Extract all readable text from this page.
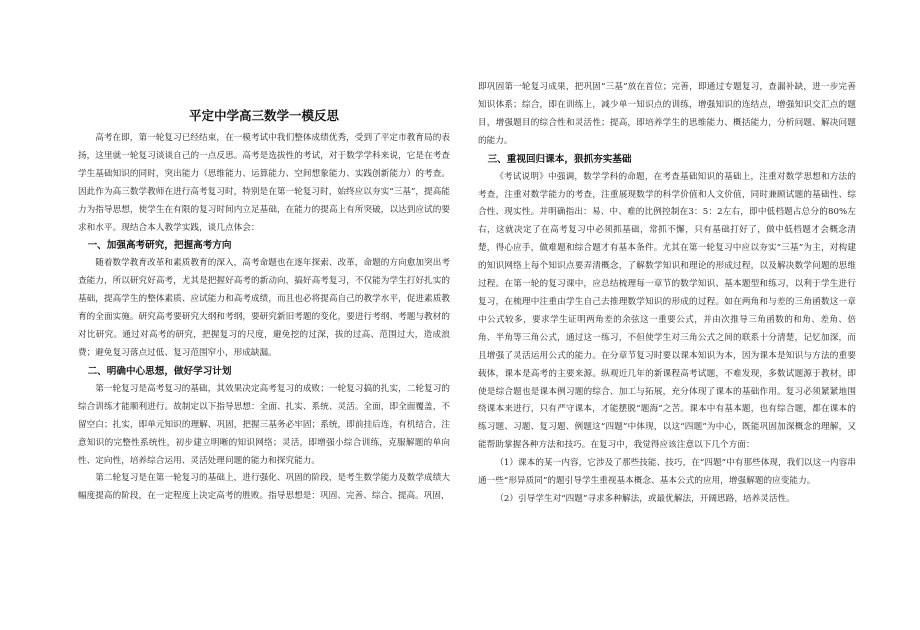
平定中学高三数学一模反思

高考在即，第一轮复习已经结束，在一模考试中我们整体成绩优秀，受到了平定市教育局的表扬，这里就一轮复习谈谈自己的一点反思。高考是选拔性的考试，对于数学学科来说，它是在考查学生基础知识的同时，突出能力（思维能力、运算能力、空间想象能力、实践创新能力）的考查。因此作为高三数学教师在进行高考复习时，特别是在第一轮复习时，始终应以夯实“三基”，提高能力为指导思想，使学生在有限的复习时间内立足基础，在能力的提高上有所突破，以达到应试的要求和水平。现结合本人教学实践，谈几点体会：

一、加强高考研究，把握高考方向

随着数学教育改革和素质教育的深入，高考命题也在逐年探索、改革，命题的方向愈加突出考查能力，所以研究好高考，尤其是把握好高考的新动向，搞好高考复习，不仅能为学生打好扎实的基础，提高学生的整体素质、应试能力和高考成绩，而且也必将提高自己的教学水平，促进素质教育的全面实施。研究高考要研究大纲和考纲，要研究新旧考题的变化，要进行考纲、考题与教材的对比研究。通过对高考的研究，把握复习的尺度，避免挖的过深，拔的过高、范围过大，造成浪费；避免复习落点过低、复习范围窄小，形成缺漏。

二、明确中心思想，做好学习计划

第一轮复习是高考复习的基础，其效果决定高考复习的成败；一轮复习搞的扎实，二轮复习的综合训练才能顺利进行。故制定以下指导思想：全面、扎实、系统、灵活。全面，即全面覆盖，不留空白；扎实，即单元知识的理解、巩固，把握三基务必牢固；系统，即前挂后连，有机结合，注意知识的完整性系统性，初步建立明晰的知识网络；灵活，即增强小综合训练，克服解题的单向性、定向性，培养综合运用、灵活处理问题的能力和探究能力。

第二轮复习是在第一轮复习的基础上，进行强化、巩固的阶段，是考生数学能力及数学成绩大幅度提高的阶段，在一定程度上决定高考的胜败。指导思想是：巩固、完善、综合、提高。巩固，

即巩固第一轮复习成果，把巩固“三基”放在首位；完善，即通过专题复习，查漏补缺，进一步完善知识体系；综合，即在训练上，减少单一知识点的训练，增强知识的连结点，增强知识交汇点的题目，增强题目的综合性和灵活性；提高，即培养学生的思维能力、概括能力，分析问题、解决问题的能力。

三、重视回归课本，狠抓夯实基础

《考试说明》中强调，数学学科的命题，在考查基础知识的基础上，注重对数学思想和方法的考查，注重对数学能力的考查，注重展现数学的科学价值和人文价值，同时兼顾试题的基础性、综合性、现实性。并明确指出：易、中、难的比例控制在3：5：2左右，即中低档题占总分的80%左右，这就决定了在高考复习中必须抓基础，常抓不懈，只有基础打好了，做中低档题才会概念清楚，得心应手，做难题和综合题才有基本条件。尤其在第一轮复习中应以夯实“三基”为主，对构建的知识网络上每个知识点要弄清概念，了解数学知识和理论的形成过程，以及解决数学问题的思维过程。在第一轮的复习课中，应总结梳理每一章节的数学知识、基本题型和练习，以利于学生进行复习，在梳理中注重由学生自己去推理数学知识的形成的过程。如在两角和与差的三角函数这一章中公式较多，要求学生证明两角差的余弦这一重要公式，并由次推导三角函数的和角、差角、倍角、半角等三角公式，通过这一练习，不但使学生对三角公式之间的联系十分清楚，记忆加深，而且增强了灵活运用公式的能力。在分章节复习时要以课本知识为本，因为课本是知识与方法的重要载体，课本是高考的主要来源。纵观近几年的新课程高考试题，不难发现，多数试题源于教材，即使是综合题也是课本例习题的综合、加工与拓展，充分体现了课本的基础作用。复习必须紧紧地围绕课本来进行，只有严守课本，才能摆脱“题海”之苦。课本中有基本题，也有综合题，都在课本的练习题、习题、复习题、例题这“四题”中体现，以这“四题”为中心，既能巩固加深概念的理解，又能帮助掌握各种方法和技巧。在复习中，我觉得应该注意以下几个方面：

（1）课本的某一内容，它涉及了那些技能、技巧，在“四题”中有那些体现，我们以这一内容串通一些“形异质同”的题引导学生重视基本概念、基本公式的应用，增强解题的应变能力。

（2）引导学生对“四题”寻求多种解法，或最优解法，开阔思路，培养灵活性。
